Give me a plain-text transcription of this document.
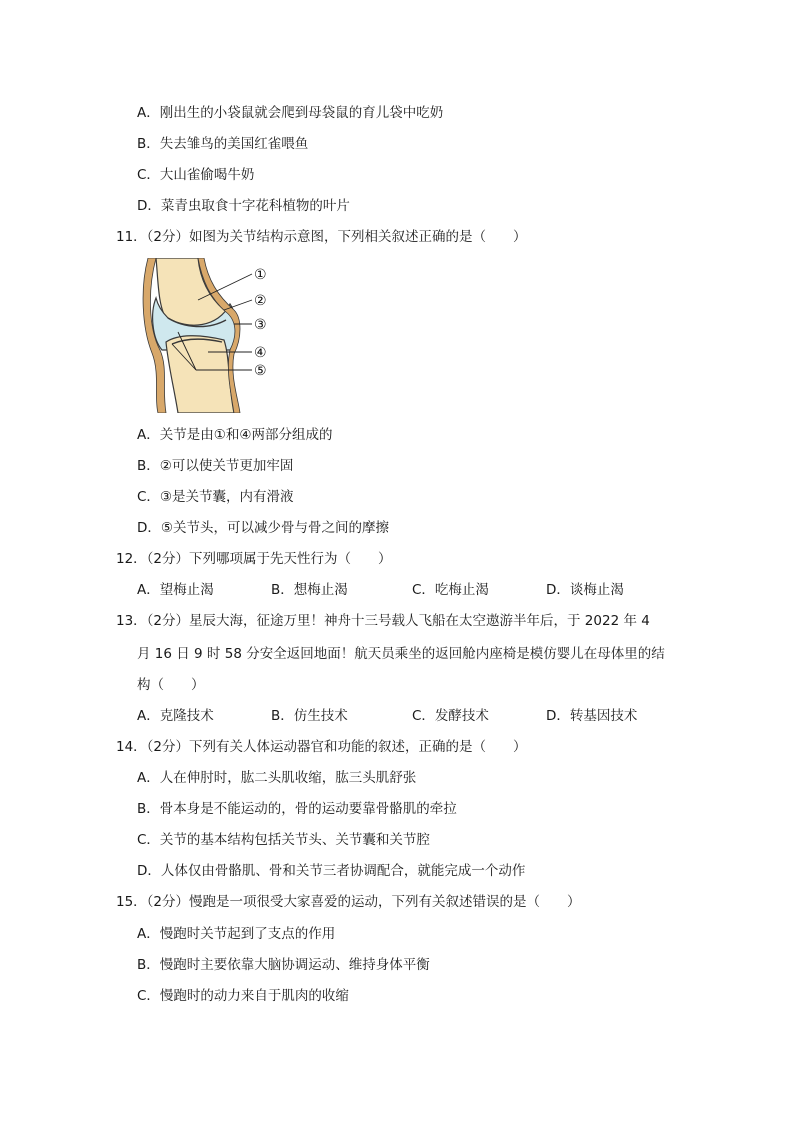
A．刚出生的小袋鼠就会爬到母袋鼠的育儿袋中吃奶
B．失去雏鸟的美国红雀喂鱼
C．大山雀偷喝牛奶
D．菜青虫取食十字花科植物的叶片
11．（2分）如图为关节结构示意图，下列相关叙述正确的是（　　）
①
②
③
④
⑤
A．关节是由①和④两部分组成的
B．②可以使关节更加牢固
C．③是关节囊，内有滑液
D．⑤关节头，可以减少骨与骨之间的摩擦
12．（2分）下列哪项属于先天性行为（　　）
A．望梅止渴	B．想梅止渴	C．吃梅止渴	D．谈梅止渴
13．（2分）星辰大海，征途万里！神舟十三号载人飞船在太空遨游半年后，于 2022 年 4
月 16 日 9 时 58 分安全返回地面！航天员乘坐的返回舱内座椅是模仿婴儿在母体里的结
构（　　）
A．克隆技术	B．仿生技术	C．发酵技术	D．转基因技术
14．（2分）下列有关人体运动器官和功能的叙述，正确的是（　　）
A．人在伸肘时，肱二头肌收缩，肱三头肌舒张
B．骨本身是不能运动的，骨的运动要靠骨骼肌的牵拉
C．关节的基本结构包括关节头、关节囊和关节腔
D．人体仅由骨骼肌、骨和关节三者协调配合，就能完成一个动作
15．（2分）慢跑是一项很受大家喜爱的运动，下列有关叙述错误的是（　　）
A．慢跑时关节起到了支点的作用
B．慢跑时主要依靠大脑协调运动、维持身体平衡
C．慢跑时的动力来自于肌肉的收缩
